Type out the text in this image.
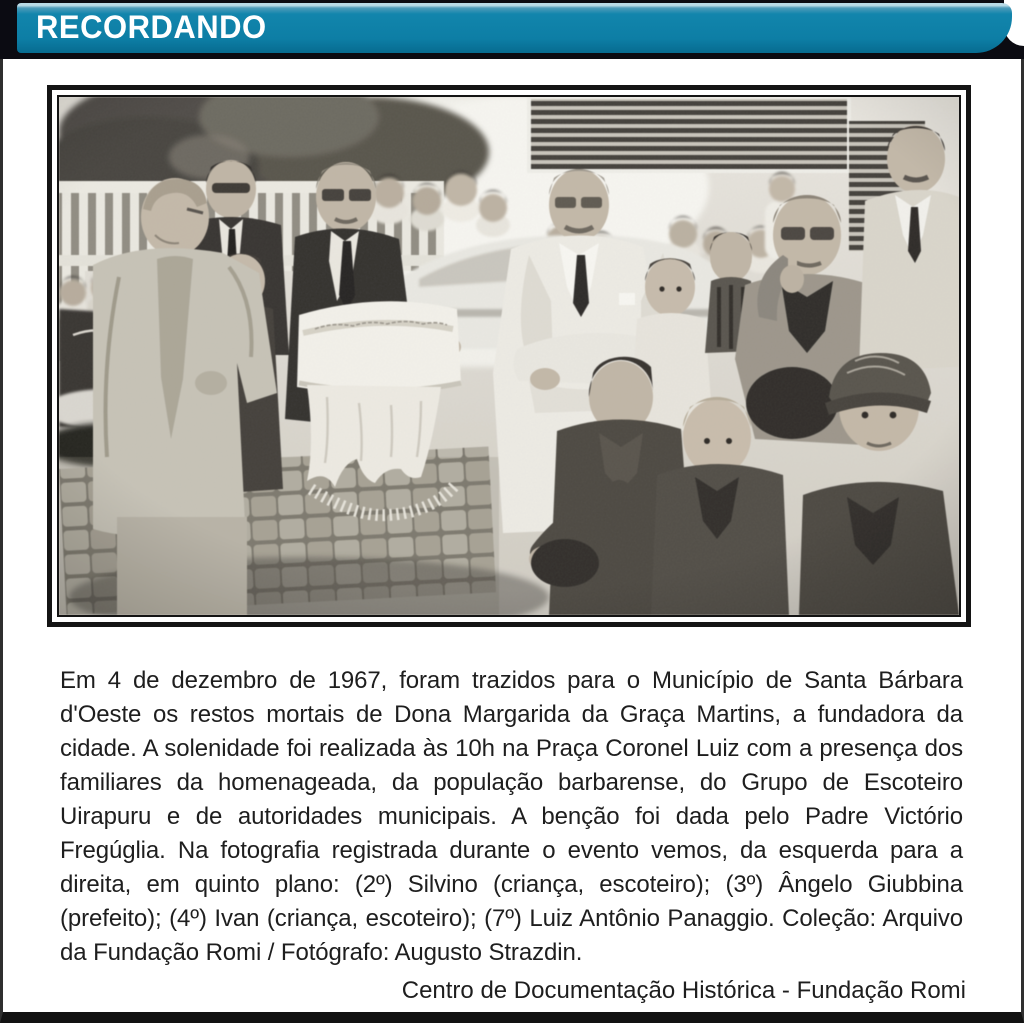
RECORDANDO

Em 4 de dezembro de 1967, foram trazidos para o Município de Santa Bárbara d'Oeste os restos mortais de Dona Margarida da Graça Martins, a fundadora da cidade. A solenidade foi realizada às 10h na Praça Coronel Luiz com a presença dos familiares da homenageada, da população barbarense, do Grupo de Escoteiro Uirapuru e de autoridades municipais. A benção foi dada pelo Padre Victório Fregúglia. Na fotografia registrada durante o evento vemos, da esquerda para a direita, em quinto plano: (2º) Silvino (criança, escoteiro); (3º) Ângelo Giubbina (prefeito); (4º) Ivan (criança, escoteiro); (7º) Luiz Antônio Panaggio. Coleção: Arquivo da Fundação Romi / Fotógrafo: Augusto Strazdin.

Centro de Documentação Histórica - Fundação Romi
